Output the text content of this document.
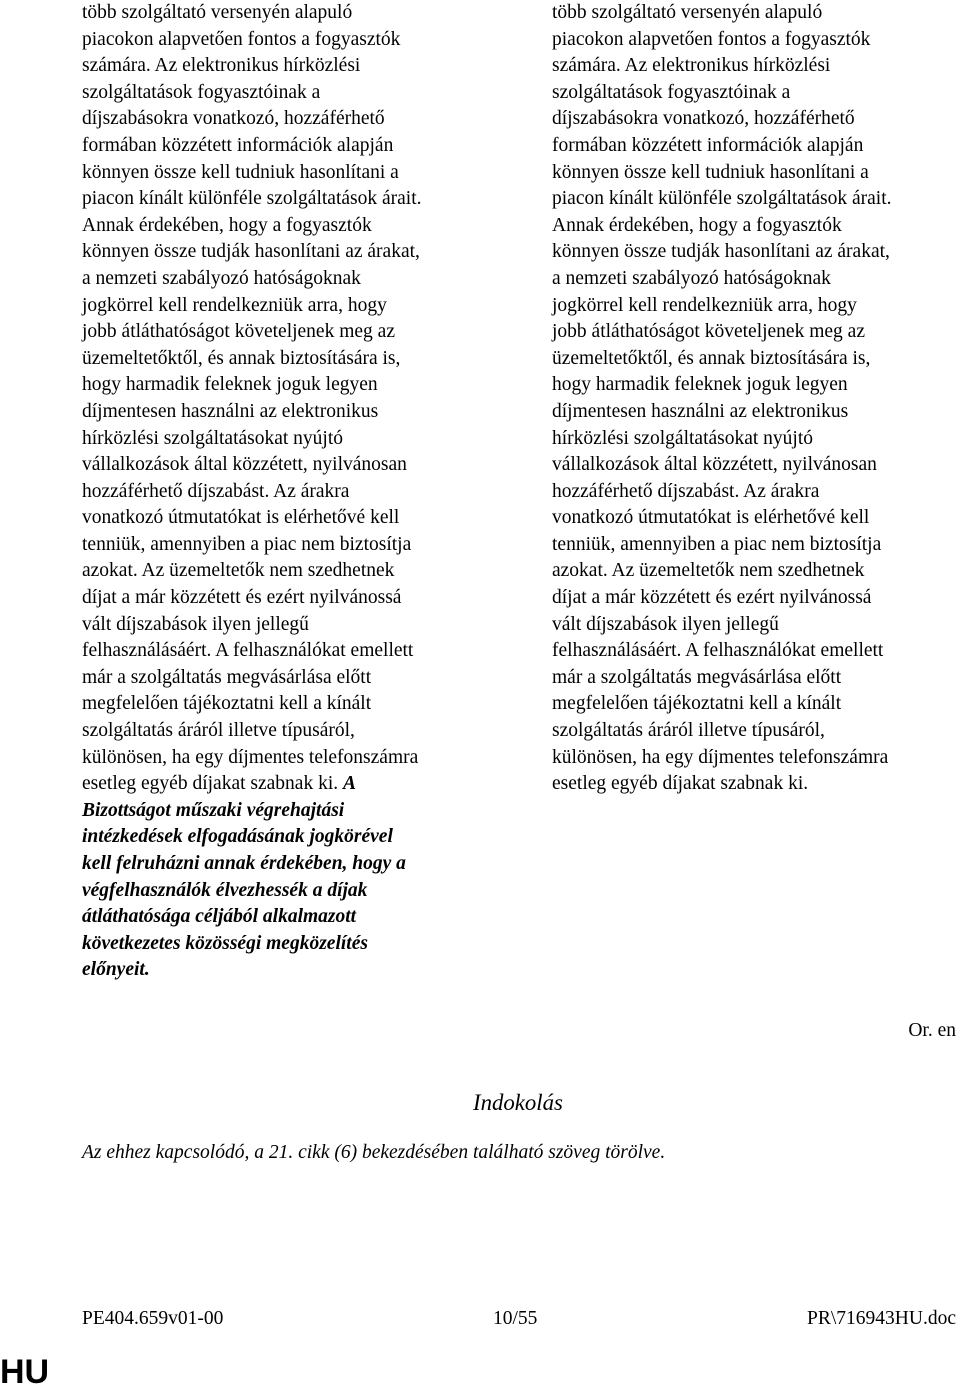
több szolgáltató versenyén alapuló
piacokon alapvetően fontos a fogyasztók
számára. Az elektronikus hírközlési
szolgáltatások fogyasztóinak a
díjszabásokra vonatkozó, hozzáférhető
formában közzétett információk alapján
könnyen össze kell tudniuk hasonlítani a
piacon kínált különféle szolgáltatások árait.
Annak érdekében, hogy a fogyasztók
könnyen össze tudják hasonlítani az árakat,
a nemzeti szabályozó hatóságoknak
jogkörrel kell rendelkezniük arra, hogy
jobb átláthatóságot követeljenek meg az
üzemeltetőktől, és annak biztosítására is,
hogy harmadik feleknek joguk legyen
díjmentesen használni az elektronikus
hírközlési szolgáltatásokat nyújtó
vállalkozások által közzétett, nyilvánosan
hozzáférhető díjszabást. Az árakra
vonatkozó útmutatókat is elérhetővé kell
tenniük, amennyiben a piac nem biztosítja
azokat. Az üzemeltetők nem szedhetnek
díjat a már közzétett és ezért nyilvánossá
vált díjszabások ilyen jellegű
felhasználásáért. A felhasználókat emellett
már a szolgáltatás megvásárlása előtt
megfelelően tájékoztatni kell a kínált
szolgáltatás áráról illetve típusáról,
különösen, ha egy díjmentes telefonszámra
esetleg egyéb díjakat szabnak ki. A
Bizottságot műszaki végrehajtási
intézkedések elfogadásának jogkörével
kell felruházni annak érdekében, hogy a
végfelhasználók élvezhessék a díjak
átláthatósága céljából alkalmazott
következetes közösségi megközelítés
előnyeit.
több szolgáltató versenyén alapuló
piacokon alapvetően fontos a fogyasztók
számára. Az elektronikus hírközlési
szolgáltatások fogyasztóinak a
díjszabásokra vonatkozó, hozzáférhető
formában közzétett információk alapján
könnyen össze kell tudniuk hasonlítani a
piacon kínált különféle szolgáltatások árait.
Annak érdekében, hogy a fogyasztók
könnyen össze tudják hasonlítani az árakat,
a nemzeti szabályozó hatóságoknak
jogkörrel kell rendelkezniük arra, hogy
jobb átláthatóságot követeljenek meg az
üzemeltetőktől, és annak biztosítására is,
hogy harmadik feleknek joguk legyen
díjmentesen használni az elektronikus
hírközlési szolgáltatásokat nyújtó
vállalkozások által közzétett, nyilvánosan
hozzáférhető díjszabást. Az árakra
vonatkozó útmutatókat is elérhetővé kell
tenniük, amennyiben a piac nem biztosítja
azokat. Az üzemeltetők nem szedhetnek
díjat a már közzétett és ezért nyilvánossá
vált díjszabások ilyen jellegű
felhasználásáért. A felhasználókat emellett
már a szolgáltatás megvásárlása előtt
megfelelően tájékoztatni kell a kínált
szolgáltatás áráról illetve típusáról,
különösen, ha egy díjmentes telefonszámra
esetleg egyéb díjakat szabnak ki.

Or. en

Indokolás

Az ehhez kapcsolódó, a 21. cikk (6) bekezdésében található szöveg törölve.

PE404.659v01-00	10/55	PR\716943HU.doc
HU
